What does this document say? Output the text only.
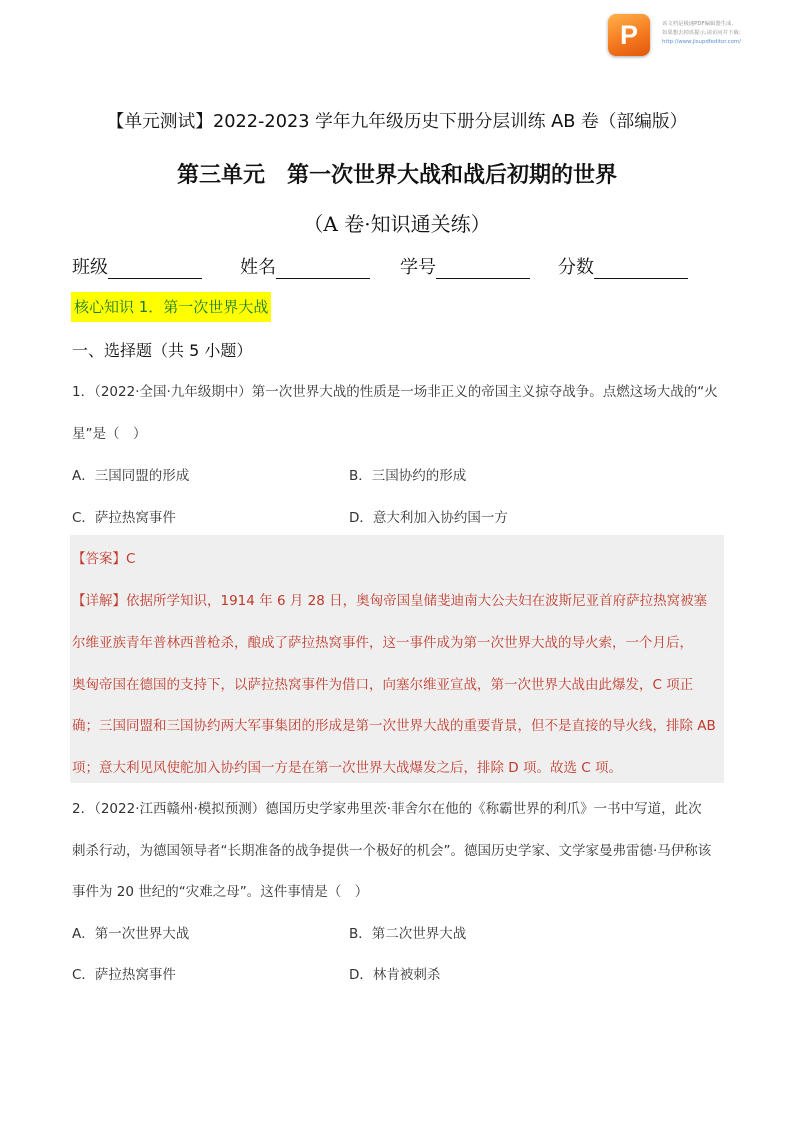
P	该文档是极速PDF编辑器生成,
如果想去掉该提示,请访问并下载:
http://www.jisupdfeditor.com/
【单元测试】2022-2023 学年九年级历史下册分层训练 AB 卷（部编版）
第三单元　第一次世界大战和战后初期的世界
（A 卷·知识通关练）
班级	姓名	学号	分数
核心知识 1．第一次世界大战
一、选择题（共 5 小题）
1．（2022·全国·九年级期中）第一次世界大战的性质是一场非正义的帝国主义掠夺战争。点燃这场大战的“火
星”是（　）
A．三国同盟的形成	B．三国协约的形成
C．萨拉热窝事件	D．意大利加入协约国一方
【答案】C
【详解】依据所学知识，1914 年 6 月 28 日，奥匈帝国皇储斐迪南大公夫妇在波斯尼亚首府萨拉热窝被塞
尔维亚族青年普林西普枪杀，酿成了萨拉热窝事件，这一事件成为第一次世界大战的导火索，一个月后，
奥匈帝国在德国的支持下，以萨拉热窝事件为借口，向塞尔维亚宣战，第一次世界大战由此爆发，C 项正
确；三国同盟和三国协约两大军事集团的形成是第一次世界大战的重要背景，但不是直接的导火线，排除 AB
项；意大利见风使舵加入协约国一方是在第一次世界大战爆发之后，排除 D 项。故选 C 项。
2．（2022·江西赣州·模拟预测）德国历史学家弗里茨·菲舍尔在他的《称霸世界的利爪》一书中写道，此次
刺杀行动，为德国领导者“长期准备的战争提供一个极好的机会”。德国历史学家、文学家曼弗雷德·马伊称该
事件为 20 世纪的“灾难之母”。这件事情是（　）
A．第一次世界大战	B．第二次世界大战
C．萨拉热窝事件	D．林肯被刺杀
